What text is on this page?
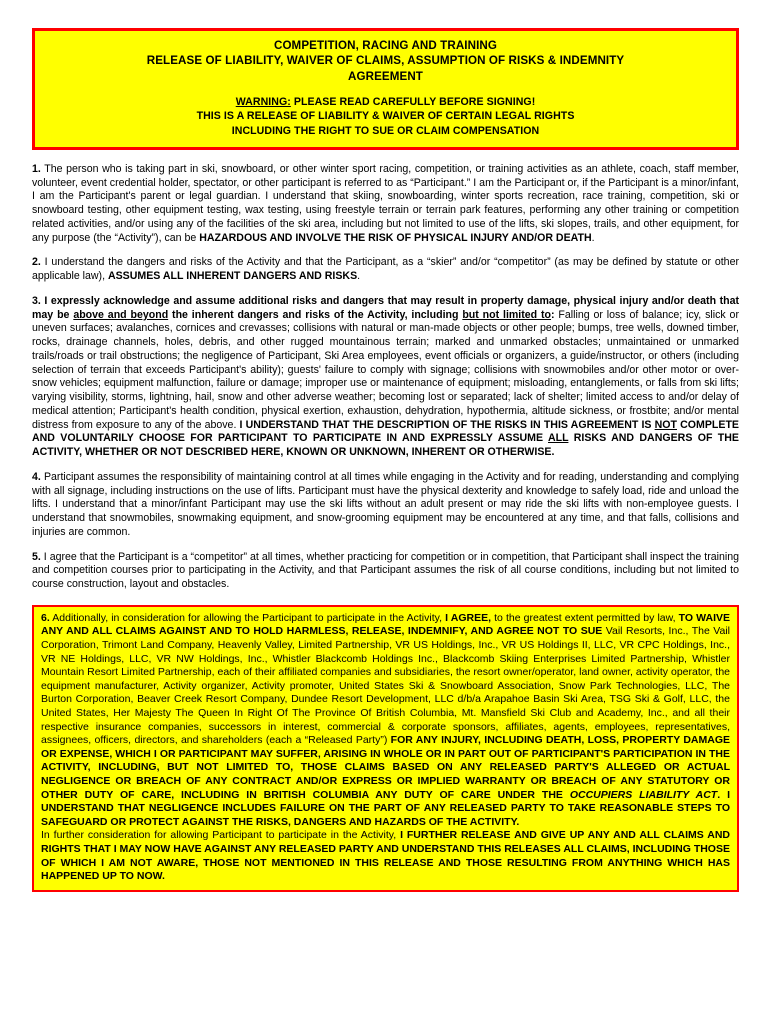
COMPETITION, RACING AND TRAINING
RELEASE OF LIABILITY, WAIVER OF CLAIMS, ASSUMPTION OF RISKS & INDEMNITY
AGREEMENT
WARNING: PLEASE READ CAREFULLY BEFORE SIGNING!
THIS IS A RELEASE OF LIABILITY & WAIVER OF CERTAIN LEGAL RIGHTS
INCLUDING THE RIGHT TO SUE OR CLAIM COMPENSATION

1. The person who is taking part in ski, snowboard, or other winter sport racing, competition, or training activities as an athlete, coach, staff member, volunteer, event credential holder, spectator, or other participant is referred to as “Participant.” I am the Participant or, if the Participant is a minor/infant, I am the Participant's parent or legal guardian. I understand that skiing, snowboarding, winter sports recreation, race training, competition, ski or snowboard testing, other equipment testing, wax testing, using freestyle terrain or terrain park features, performing any other training or competition related activities, and/or using any of the facilities of the ski area, including but not limited to use of the lifts, ski slopes, trails, and other equipment, for any purpose (the “Activity”), can be HAZARDOUS AND INVOLVE THE RISK OF PHYSICAL INJURY AND/OR DEATH.

2. I understand the dangers and risks of the Activity and that the Participant, as a “skier” and/or “competitor” (as may be defined by statute or other applicable law), ASSUMES ALL INHERENT DANGERS AND RISKS.

3. I expressly acknowledge and assume additional risks and dangers that may result in property damage, physical injury and/or death that may be above and beyond the inherent dangers and risks of the Activity, including but not limited to: Falling or loss of balance; icy, slick or uneven surfaces; avalanches, cornices and crevasses; collisions with natural or man-made objects or other people; bumps, tree wells, downed timber, rocks, drainage channels, holes, debris, and other rugged mountainous terrain; marked and unmarked obstacles; unmaintained or unmarked trails/roads or trail obstructions; the negligence of Participant, Ski Area employees, event officials or organizers, a guide/instructor, or others (including selection of terrain that exceeds Participant's ability); guests' failure to comply with signage; collisions with snowmobiles and/or other motor or over-snow vehicles; equipment malfunction, failure or damage; improper use or maintenance of equipment; misloading, entanglements, or falls from ski lifts; varying visibility, storms, lightning, hail, snow and other adverse weather; becoming lost or separated; lack of shelter; limited access to and/or delay of medical attention; Participant's health condition, physical exertion, exhaustion, dehydration, hypothermia, altitude sickness, or frostbite; and/or mental distress from exposure to any of the above. I UNDERSTAND THAT THE DESCRIPTION OF THE RISKS IN THIS AGREEMENT IS NOT COMPLETE AND VOLUNTARILY CHOOSE FOR PARTICIPANT TO PARTICIPATE IN AND EXPRESSLY ASSUME ALL RISKS AND DANGERS OF THE ACTIVITY, WHETHER OR NOT DESCRIBED HERE, KNOWN OR UNKNOWN, INHERENT OR OTHERWISE.

4. Participant assumes the responsibility of maintaining control at all times while engaging in the Activity and for reading, understanding and complying with all signage, including instructions on the use of lifts. Participant must have the physical dexterity and knowledge to safely load, ride and unload the lifts. I understand that a minor/infant Participant may use the ski lifts without an adult present or may ride the ski lifts with non-employee guests. I understand that snowmobiles, snowmaking equipment, and snow-grooming equipment may be encountered at any time, and that falls, collisions and injuries are common.

5. I agree that the Participant is a “competitor” at all times, whether practicing for competition or in competition, that Participant shall inspect the training and competition courses prior to participating in the Activity, and that Participant assumes the risk of all course conditions, including but not limited to course construction, layout and obstacles.

6. Additionally, in consideration for allowing the Participant to participate in the Activity, I AGREE, to the greatest extent permitted by law, TO WAIVE ANY AND ALL CLAIMS AGAINST AND TO HOLD HARMLESS, RELEASE, INDEMNIFY, AND AGREE NOT TO SUE Vail Resorts, Inc., The Vail Corporation, Trimont Land Company, Heavenly Valley, Limited Partnership, VR US Holdings, Inc., VR US Holdings II, LLC, VR CPC Holdings, Inc., VR NE Holdings, LLC, VR NW Holdings, Inc., Whistler Blackcomb Holdings Inc., Blackcomb Skiing Enterprises Limited Partnership, Whistler Mountain Resort Limited Partnership, each of their affiliated companies and subsidiaries, the resort owner/operator, land owner, activity operator, the equipment manufacturer, Activity organizer, Activity promoter, United States Ski & Snowboard Association, Snow Park Technologies, LLC, The Burton Corporation, Beaver Creek Resort Company, Dundee Resort Development, LLC d/b/a Arapahoe Basin Ski Area, TSG Ski & Golf, LLC, the United States, Her Majesty The Queen In Right Of The Province Of British Columbia, Mt. Mansfield Ski Club and Academy, Inc., and all their respective insurance companies, successors in interest, commercial & corporate sponsors, affiliates, agents, employees, representatives, assignees, officers, directors, and shareholders (each a “Released Party”) FOR ANY INJURY, INCLUDING DEATH, LOSS, PROPERTY DAMAGE OR EXPENSE, WHICH I OR PARTICIPANT MAY SUFFER, ARISING IN WHOLE OR IN PART OUT OF PARTICIPANT'S PARTICIPATION IN THE ACTIVITY, INCLUDING, BUT NOT LIMITED TO, THOSE CLAIMS BASED ON ANY RELEASED PARTY'S ALLEGED OR ACTUAL NEGLIGENCE OR BREACH OF ANY CONTRACT AND/OR EXPRESS OR IMPLIED WARRANTY OR BREACH OF ANY STATUTORY OR OTHER DUTY OF CARE, INCLUDING IN BRITISH COLUMBIA ANY DUTY OF CARE UNDER THE OCCUPIERS LIABILITY ACT. I UNDERSTAND THAT NEGLIGENCE INCLUDES FAILURE ON THE PART OF ANY RELEASED PARTY TO TAKE REASONABLE STEPS TO SAFEGUARD OR PROTECT AGAINST THE RISKS, DANGERS AND HAZARDS OF THE ACTIVITY.

In further consideration for allowing Participant to participate in the Activity, I FURTHER RELEASE AND GIVE UP ANY AND ALL CLAIMS AND RIGHTS THAT I MAY NOW HAVE AGAINST ANY RELEASED PARTY AND UNDERSTAND THIS RELEASES ALL CLAIMS, INCLUDING THOSE OF WHICH I AM NOT AWARE, THOSE NOT MENTIONED IN THIS RELEASE AND THOSE RESULTING FROM ANYTHING WHICH HAS HAPPENED UP TO NOW.
